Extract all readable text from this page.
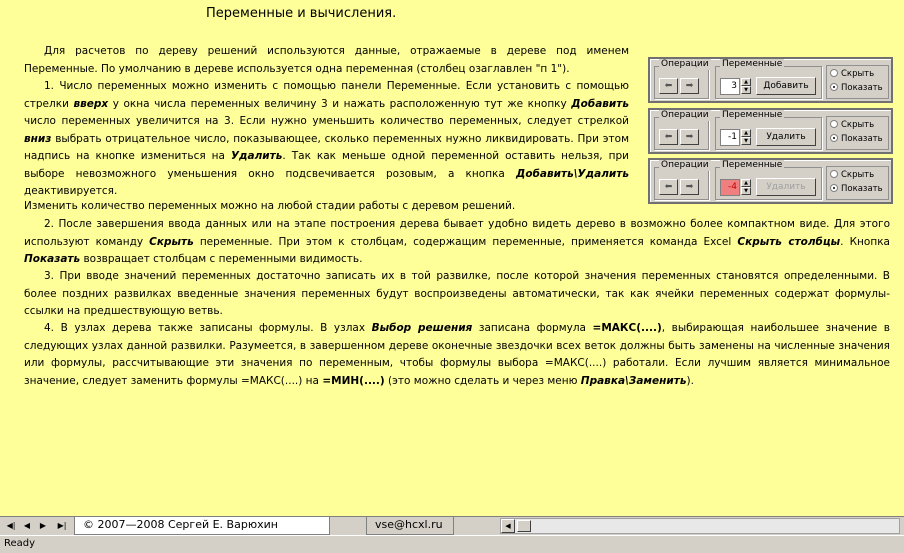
Переменные и вычисления.
Для расчетов по дереву решений используются данные, отражаемые в дереве под именем Переменные. По умолчанию в дереве используется одна переменная (столбец озаглавлен "п 1").
1. Число переменных можно изменить с помощью панели Переменные. Если установить с помощью стрелки вверх у окна числа переменных величину 3 и нажать расположенную тут же кнопку Добавить число переменных увеличится на 3. Если нужно уменьшить количество переменных, следует стрелкой вниз выбрать отрицательное число, показывающее, сколько переменных нужно ликвидировать. При этом надпись на кнопке измениться на Удалить. Так как меньше одной переменной оставить нельзя, при выборе невозможного уменьшения окно подсвечивается розовым, а кнопка Добавить\Удалить деактивируется.
Изменить количество переменных можно на любой стадии работы с деревом решений.
2. После завершения ввода данных или на этапе построения дерева бывает удобно видеть дерево в возможно более компактном виде. Для этого используют команду Скрыть переменные. При этом к столбцам, содержащим переменные, применяется команда Excel Скрыть столбцы. Кнопка Показать возвращает столбцам с переменными видимость.
3. При вводе значений переменных достаточно записать их в той развилке, после которой значения переменных становятся определенными. В более поздних развилках введенные значения переменных будут воспроизведены автоматически, так как ячейки переменных содержат формулы-ссылки на предшествующую ветвь.
4. В узлах дерева также записаны формулы. В узлах Выбор решения записана формула =МАКС(....), выбирающая наибольшее значение в следующих узлах данной развилки. Разумеется, в завершенном дереве оконечные звездочки всех веток должны быть заменены на численные значения или формулы, рассчитывающие эти значения по переменным, чтобы формулы выбора =МАКС(....) работали. Если лучшим является минимальное значение, следует заменить формулы =МАКС(....) на =МИН(....) (это можно сделать и через меню Правка\Заменить).
Операции
⬅	➡
Переменные
3	▲
▼	Добавить
Скрыть
Показать
Операции
⬅	➡
Переменные
-1	▲
▼	Удалить
Скрыть
Показать
Операции
⬅	➡
Переменные
-4	▲
▼	Удалить
Скрыть
Показать
◀|	◀	▶	▶|	© 2007—2008 Сергей Е. Варюхин	vse@hcxl.ru	◀
Ready
